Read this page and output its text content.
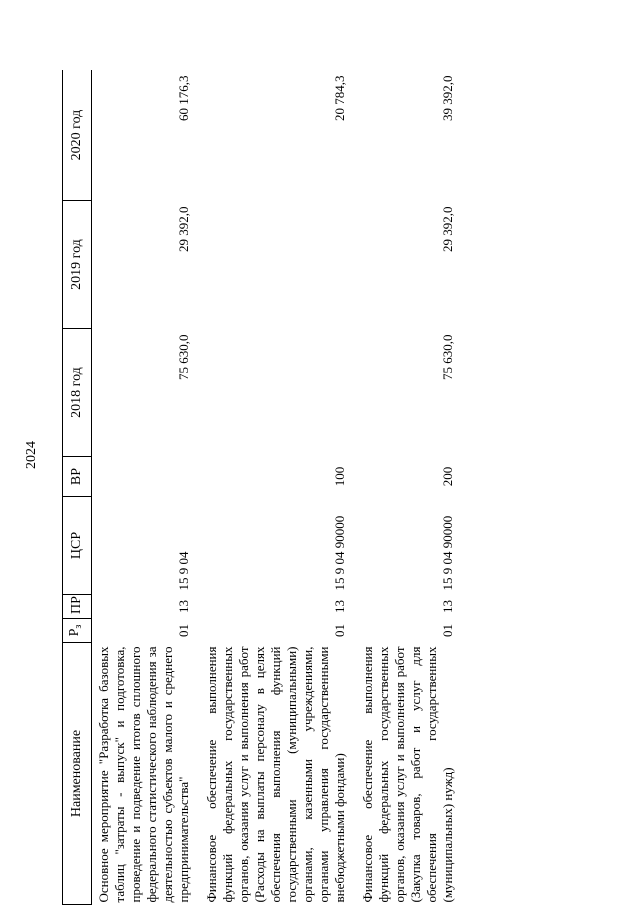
2024
Наименование	$Р_з$	ПР	ЦСР	ВР	2018 год	2019 год	2020 год
Основное мероприятие "Разработка базовых таблиц "затраты - выпуск" и подготовка, проведение и подведение итогов сплошного федерального статистического наблюдения за деятельностью субъектов малого и среднего предпринимательства"	01	13	15 9 04		75 630,0	29 392,0	60 176,3
Финансовое обеспечение выполнения функций федеральных государственных органов, оказания услуг и выполнения работ (Расходы на выплаты персоналу в целях обеспечения выполнения функций государственными (муниципальными) органами, казенными учреждениями, органами управления государственными внебюджетными фондами)	01	13	15 9 04 90000	100			20 784,3
Финансовое обеспечение выполнения функций федеральных государственных органов, оказания услуг и выполнения работ (Закупка товаров, работ и услуг для обеспечения государственных (муниципальных) нужд)	01	13	15 9 04 90000	200	75 630,0	29 392,0	39 392,0
